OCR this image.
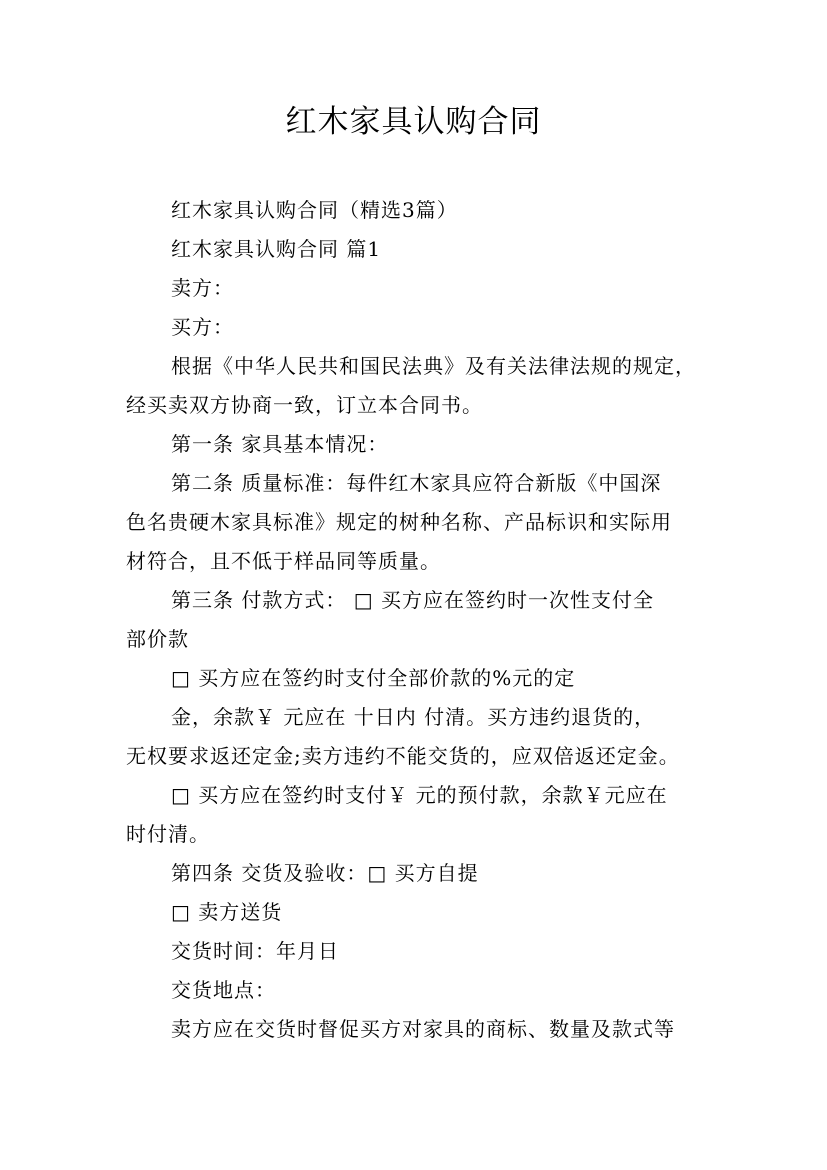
红木家具认购合同
红木家具认购合同（精选3篇）
红木家具认购合同 篇1
卖方：
买方：
根据《中华人民共和国民法典》及有关法律法规的规定，
经买卖双方协商一致，订立本合同书。
第一条 家具基本情况：
第二条 质量标准：每件红木家具应符合新版《中国深
色名贵硬木家具标准》规定的树种名称、产品标识和实际用
材符合，且不低于样品同等质量。
第三条 付款方式： □ 买方应在签约时一次性支付全
部价款
□ 买方应在签约时支付全部价款的%元的定
金，余款￥ 元应在 十日内 付清。买方违约退货的，
无权要求返还定金;卖方违约不能交货的，应双倍返还定金。
□ 买方应在签约时支付￥ 元的预付款，余款￥元应在
时付清。
第四条 交货及验收：□ 买方自提
□ 卖方送货
交货时间：年月日
交货地点：
卖方应在交货时督促买方对家具的商标、数量及款式等
